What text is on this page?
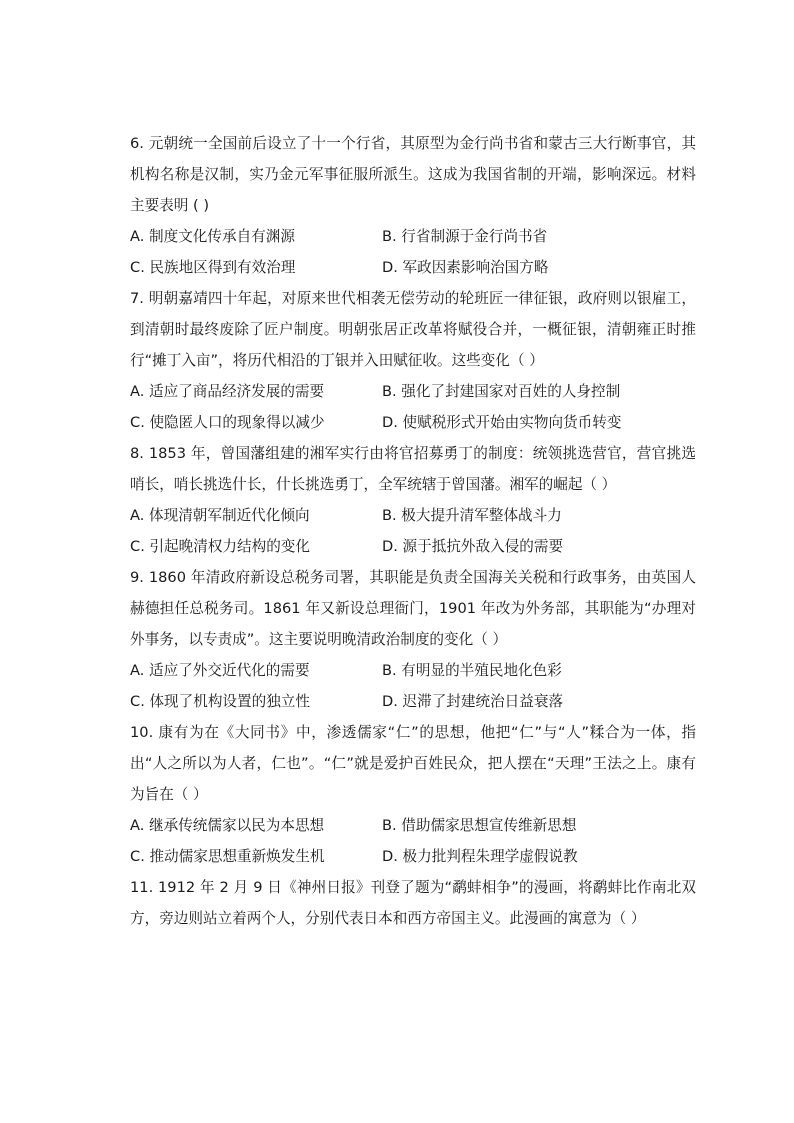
6. 元朝统一全国前后设立了十一个行省，其原型为金行尚书省和蒙古三大行断事官，其机构名称是汉制，实乃金元军事征服所派生。这成为我国省制的开端，影响深远。材料主要表明 ( )

A. 制度文化传承自有渊源	B. 行省制源于金行尚书省
C. 民族地区得到有效治理	D. 军政因素影响治国方略

7. 明朝嘉靖四十年起，对原来世代相袭无偿劳动的轮班匠一律征银，政府则以银雇工，到清朝时最终废除了匠户制度。明朝张居正改革将赋役合并，一概征银，清朝雍正时推行“摊丁入亩”，将历代相沿的丁银并入田赋征收。这些变化（ ）

A. 适应了商品经济发展的需要	B. 强化了封建国家对百姓的人身控制
C. 使隐匿人口的现象得以减少	D. 使赋税形式开始由实物向货币转变

8. 1853 年，曾国藩组建的湘军实行由将官招募勇丁的制度：统领挑选营官，营官挑选哨长，哨长挑选什长，什长挑选勇丁，全军统辖于曾国藩。湘军的崛起（ ）

A. 体现清朝军制近代化倾向	B. 极大提升清军整体战斗力
C. 引起晚清权力结构的变化	D. 源于抵抗外敌入侵的需要

9. 1860 年清政府新设总税务司署，其职能是负责全国海关关税和行政事务，由英国人赫德担任总税务司。1861 年又新设总理衙门，1901 年改为外务部，其职能为“办理对外事务，以专责成”。这主要说明晚清政治制度的变化（ ）

A. 适应了外交近代化的需要	B. 有明显的半殖民地化色彩
C. 体现了机构设置的独立性	D. 迟滞了封建统治日益衰落

10. 康有为在《大同书》中，渗透儒家“仁”的思想，他把“仁”与“人”糅合为一体，指出“人之所以为人者，仁也”。“仁”就是爱护百姓民众，把人摆在“天理”王法之上。康有为旨在（ ）

A. 继承传统儒家以民为本思想	B. 借助儒家思想宣传维新思想
C. 推动儒家思想重新焕发生机	D. 极力批判程朱理学虚假说教

11. 1912 年 2 月 9 日《神州日报》刊登了题为“鹬蚌相争”的漫画，将鹬蚌比作南北双方，旁边则站立着两个人，分别代表日本和西方帝国主义。此漫画的寓意为（ ）
